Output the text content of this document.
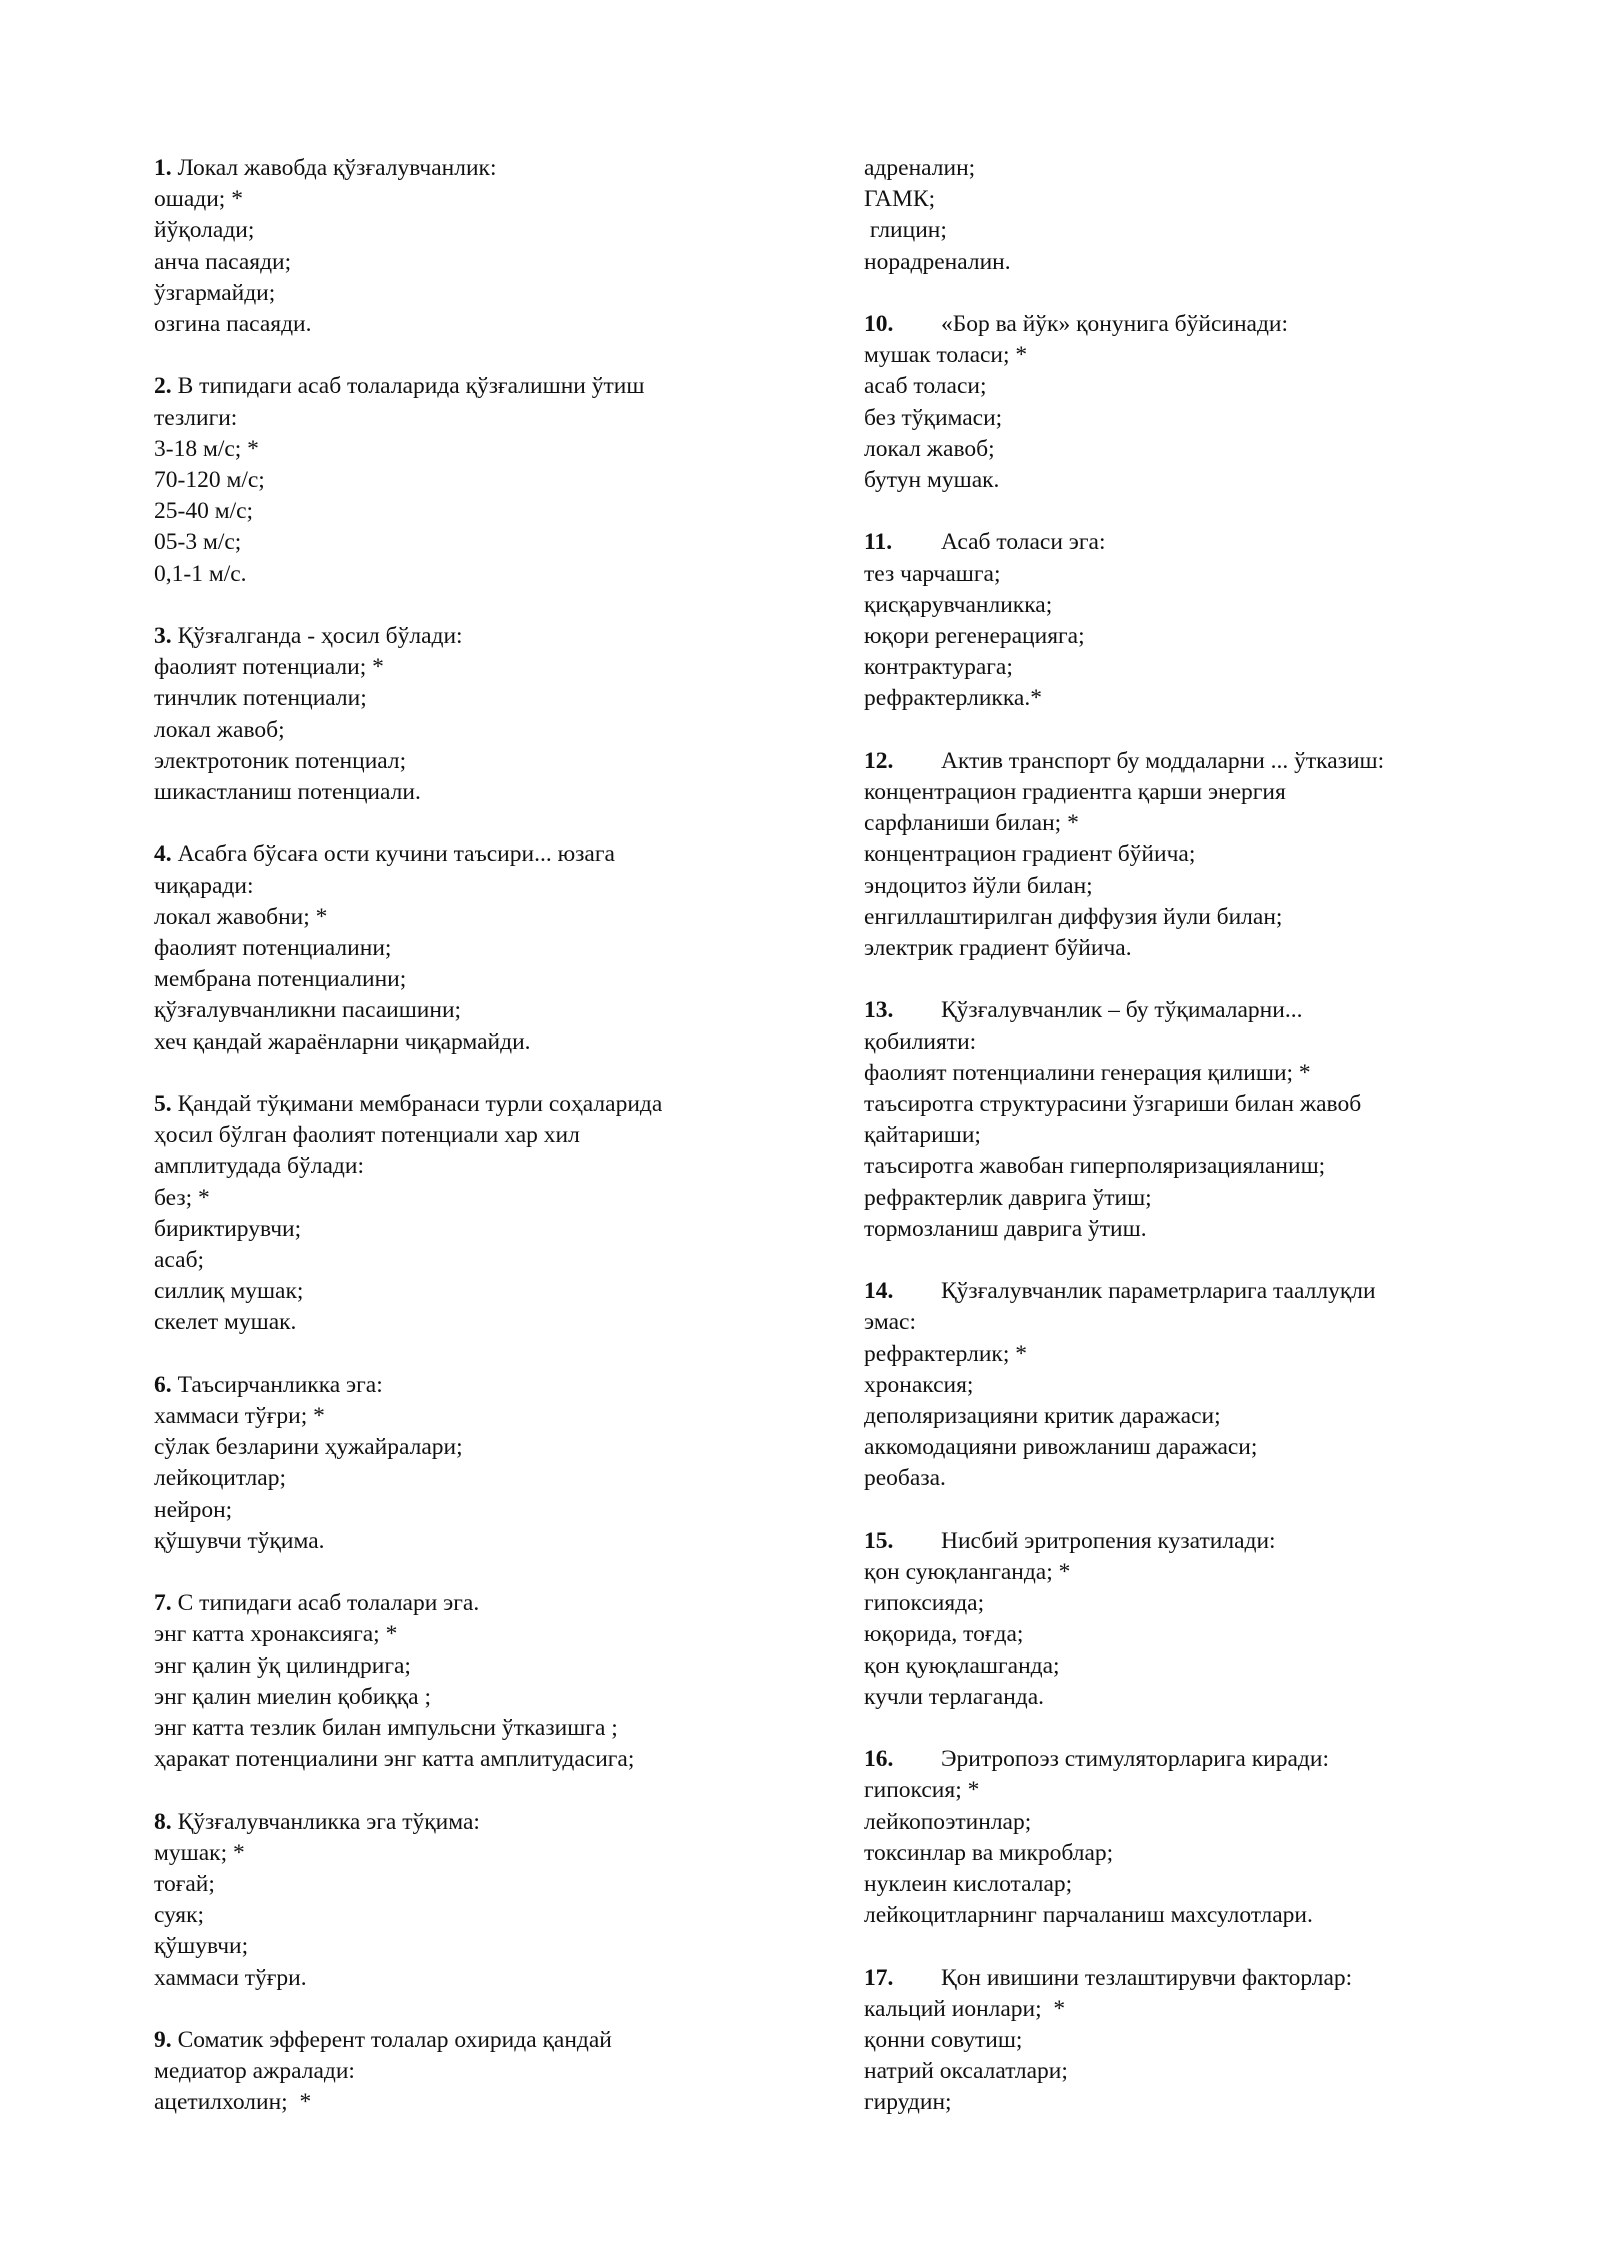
1. Локал жавобда қўзғалувчанлик:

ошади; *

йўқолади;

анча пасаяди;

ўзгармайди;

озгина пасаяди.

2. В типидаги асаб толаларида қўзғалишни ўтиш

тезлиги:

3-18 м/с; *

70-120 м/с;

25-40 м/с;

05-3 м/с;

0,1-1 м/с.

3. Қўзғалганда - ҳосил бўлади:

фаолият потенциали; *

тинчлик потенциали;

локал жавоб;

электротоник потенциал;

шикастланиш потенциали.

4. Асабга бўсаға ости кучини таъсири... юзага

чиқаради:

локал жавобни; *

фаолият потенциалини;

мембрана потенциалини;

қўзғалувчанликни пасаишини;

хеч қандай жараёнларни чиқармайди.

5. Қандай тўқимани мембранаси турли соҳаларида

ҳосил бўлган фаолият потенциали хар хил

амплитудада бўлади:

без; *

бириктирувчи;

асаб;

силлиқ мушак;

скелет мушак.

6. Таъсирчанликка эга:

хаммаси тўғри; *

сўлак безларини ҳужайралари;

лейкоцитлар;

нейрон;

қўшувчи тўқима.

7. С типидаги асаб толалари эга.

энг катта хронаксияга; *

энг қалин ўқ цилиндрига;

энг қалин миелин қобиққа ;

энг катта тезлик билан импульсни ўтказишга ;

ҳаракат потенциалини энг катта амплитудасига;

8. Қўзғалувчанликка эга тўқима:

мушак; *

тоғай;

суяк;

қўшувчи;

хаммаси тўғри.

9. Соматик эфферент толалар охирида қандай

медиатор ажралади:

ацетилхолин;  *

адреналин;

ГАМК;

глицин;

норадреналин.

10. «Бор ва йўк» қонунига бўйсинади:

мушак толаси; *

асаб толаси;

без тўқимаси;

локал жавоб;

бутун мушак.

11. Асаб толаси эга:

тез чарчашга;

қисқарувчанликка;

юқори регенерацияга;

контрактурага;

рефрактерликка.*

12. Актив транспорт бу моддаларни ... ўтказиш:

концентрацион градиентга қарши энергия

сарфланиши билан; *

концентрацион градиент бўйича;

эндоцитоз йўли билан;

енгиллаштирилган диффузия йули билан;

электрик градиент бўйича.

13. Қўзғалувчанлик – бу тўқималарни...

қобилияти:

фаолият потенциалини генерация қилиши; *

таъсиротга структурасини ўзгариши билан жавоб

қайтариши;

таъсиротга жавобан гиперполяризацияланиш;

рефрактерлик даврига ўтиш;

тормозланиш даврига ўтиш.

14. Қўзғалувчанлик параметрларига тааллуқли

эмас:

рефрактерлик; *

хронаксия;

деполяризацияни критик даражаси;

аккомодацияни ривожланиш даражаси;

реобаза.

15. Нисбий эритропения кузатилади:

қон суюқланганда; *

гипоксияда;

юқорида, тоғда;

қон қуюқлашганда;

кучли терлаганда.

16. Эритропоэз стимуляторларига киради:

гипоксия; *

лейкопоэтинлар;

токсинлар ва микроблар;

нуклеин кислоталар;

лейкоцитларнинг парчаланиш махсулотлари.

17. Қон ивишини тезлаштирувчи факторлар:

кальций ионлари;  *

қонни совутиш;

натрий оксалатлари;

гирудин;
